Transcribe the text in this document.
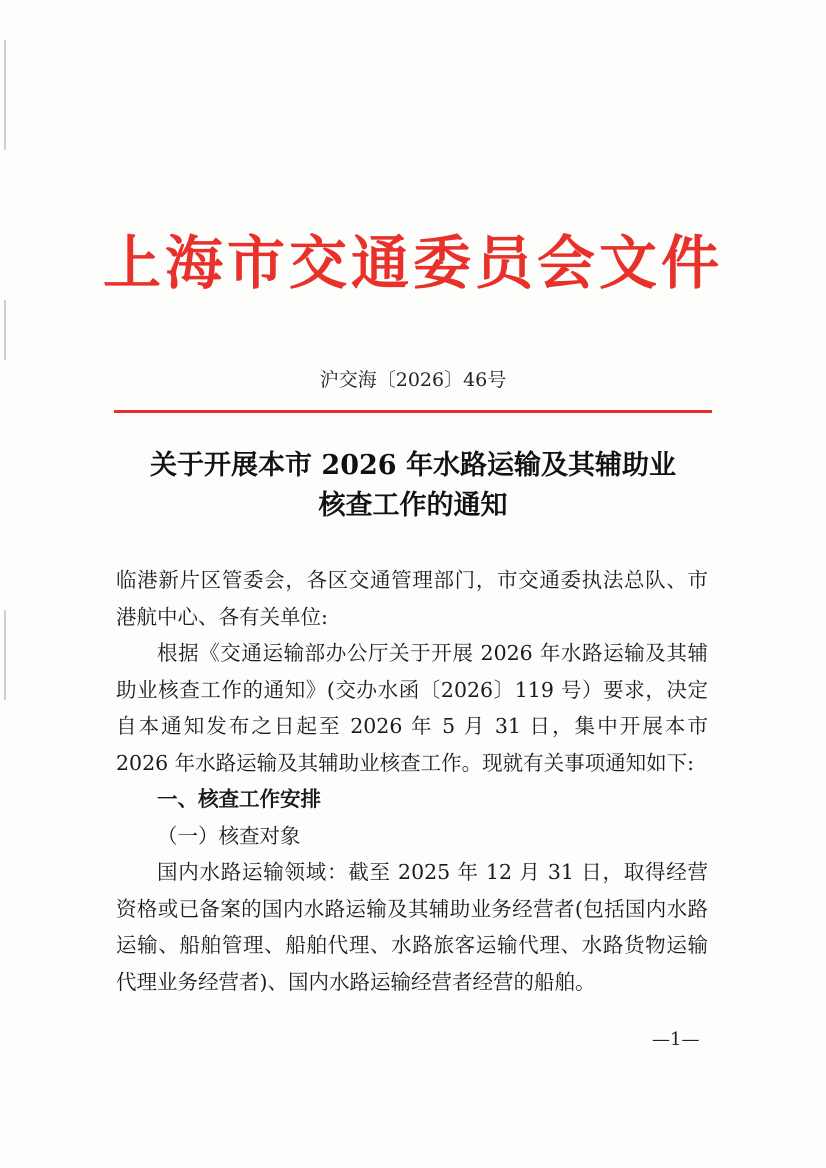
上海市交通委员会文件
沪交海〔2026〕46号
关于开展本市 2026 年水路运输及其辅助业
核查工作的通知

临港新片区管委会，各区交通管理部门，市交通委执法总队、市港航中心、各有关单位:

根据《交通运输部办公厅关于开展 2026 年水路运输及其辅助业核查工作的通知》(交办水函〔2026〕119 号）要求，决定自本通知发布之日起至 2026 年 5 月 31 日，集中开展本市 2026 年水路运输及其辅助业核查工作。现就有关事项通知如下:

一、核查工作安排

（一）核查对象

国内水路运输领域：截至 2025 年 12 月 31 日，取得经营资格或已备案的国内水路运输及其辅助业务经营者(包括国内水路运输、船舶管理、船舶代理、水路旅客运输代理、水路货物运输代理业务经营者)、国内水路运输经营者经营的船舶。

—1—
